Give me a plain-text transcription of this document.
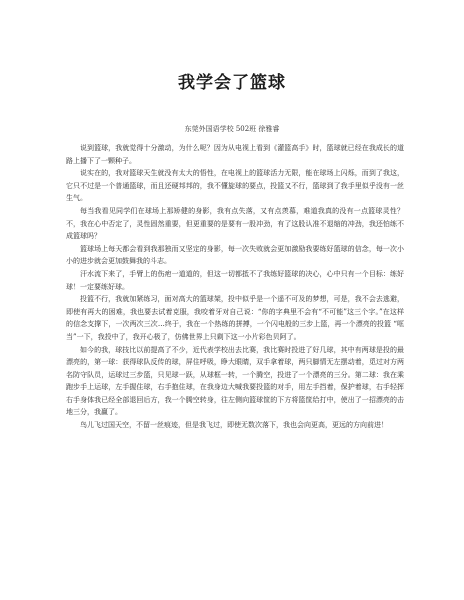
我学会了篮球
东莞外国语学校 502班 徐雅睿

说到篮球，我就觉得十分激动，为什么呢？因为从电视上看到《灌篮高手》时，篮球就已经在我成长的道路上播下了一颗种子。

说实在的，我对篮球天生就没有太大的悟性，在电视上的篮球活力无限，能在球场上闪烁，而到了我这，它只不过是一个普通篮球，而且还硬邦邦的，我不懂旋球的要点，投篮又不行，篮球到了我手里似乎没有一丝生气。

每当我看见同学们在球场上那矫健的身影，我有点失落，又有点羡慕，难道我真的没有一点篮球灵性？不，我在心中否定了，灵性固然重要，但更重要的是要有一股冲劲，有了这股认准不退缩的冲劲，我还怕练不成篮球吗？

篮球场上每天都会看到我那独而又坚定的身影，每一次失败就会更加激励我要练好篮球的信念，每一次小小的进步就会更加鼓舞我的斗志。

汗水流下来了，手臂上的伤疤一道道的，但这一切都抵不了我练好篮球的决心，心中只有一个目标：练好球！一定要练好球。

投篮不行，我就加紧练习，面对高大的篮球架，投中似乎是一个遥不可及的梦想，可是，我不会去逃避，即使有再大的困难，我也要去试着克服，我咬着牙对自己说：“你的字典里不会有“不可能”这三个字。”在这样的信念支撑下，一次两次三次…终于，我在一个热练的拼搏，一个闪电般的三步上篮，再一个漂亮的投篮 “哐当”一下，我投中了，我开心极了，仿佛世界上只剩下这一小片彩色贝阿了。

如今的我，球技比以前提高了不少，近代表学校出去比赛，我比赛时投进了好几球，其中有两球是投的最漂亮的，第一球：获得球队反传的球，屏住呼吸，睁大眼睛，双手拿着球，两只脚情无左摆动着，觅过对方两名防守队员，运球过三步篮，只见球一跃，从球框一转，一个腾空，投进了一个漂亮的三分。第二球：我在乘跑步手上运球，左手握住球，右手抱住球，在我身边大喊我要投篮的对手，用左手挡着，保护着球，右手轻挥右手身体我已经全部退回后方，我一个腾空转身，往左侧向篮球筐的下方将篮筐给打中，使出了一招漂亮的击地三分，我赢了。

鸟儿飞过国天空，不留一丝痕迹，但是我飞过，即使无数次落下，我也会向更高，更远的方向前进！
